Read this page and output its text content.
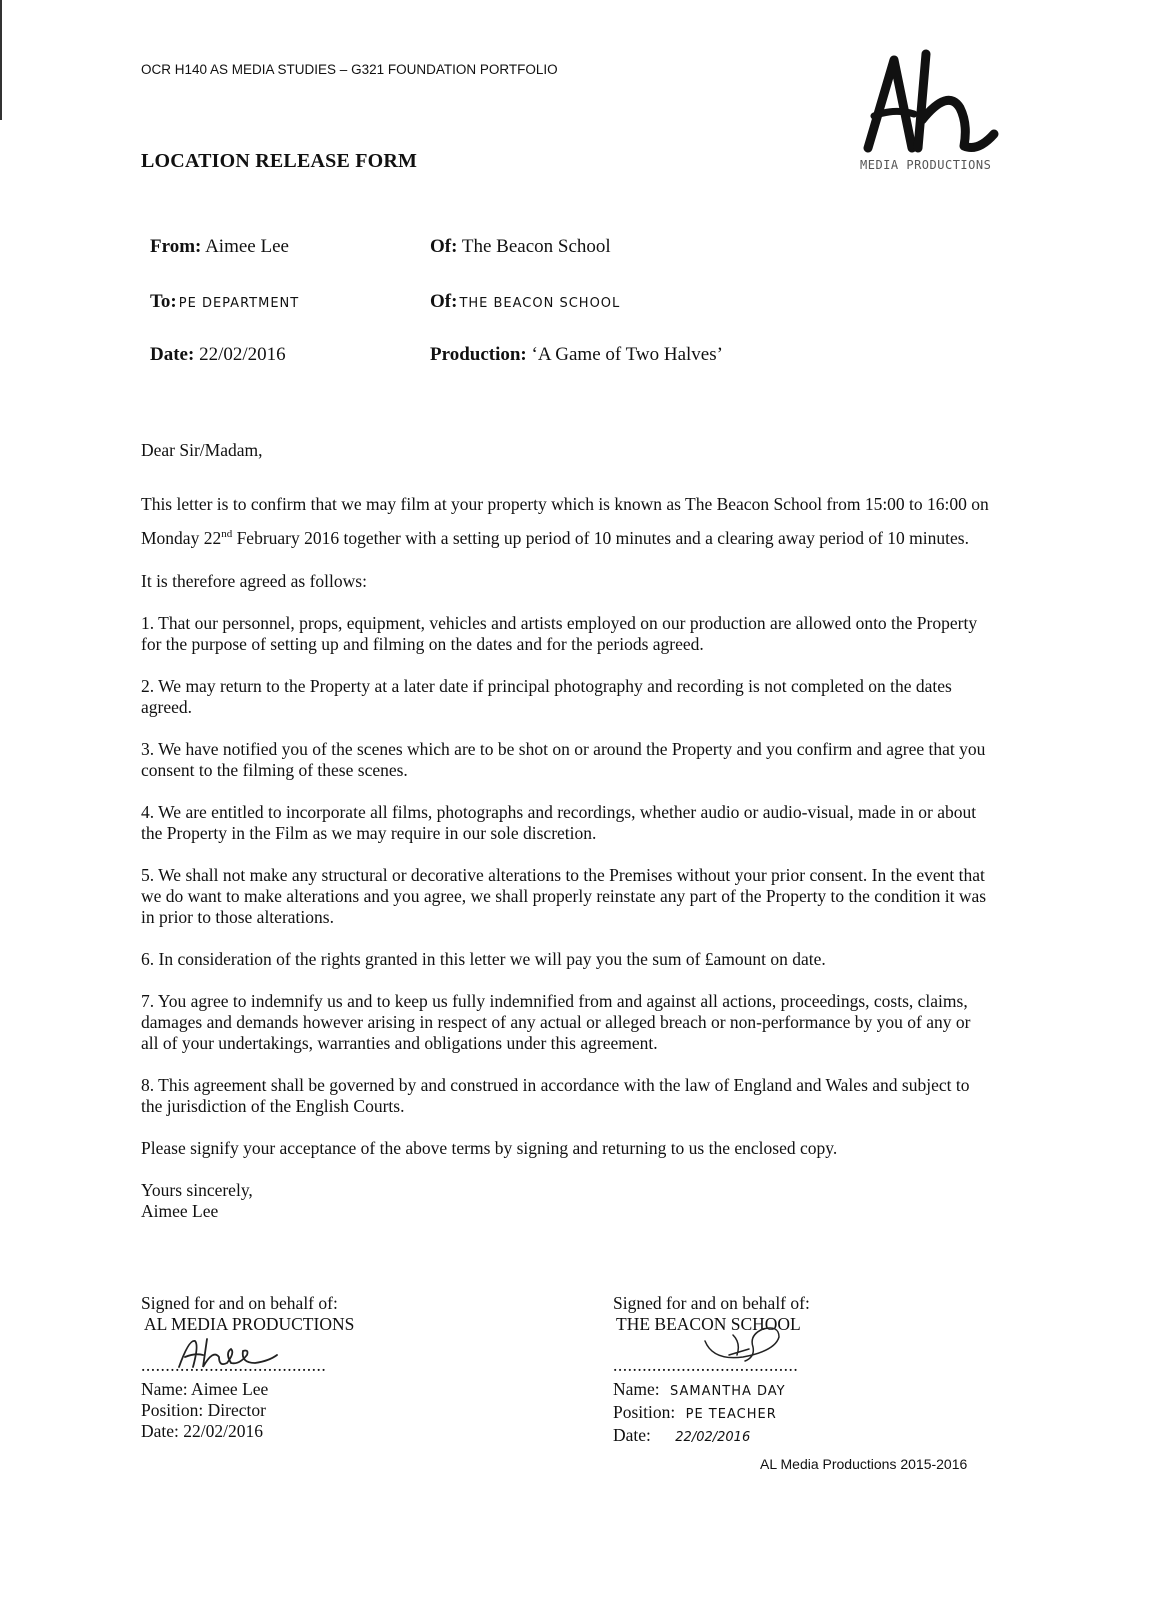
OCR H140 AS MEDIA STUDIES – G321 FOUNDATION PORTFOLIO
LOCATION RELEASE FORM	MEDIA PRODUCTIONS
From: Aimee Lee	Of: The Beacon School
To: PE DEPARTMENT	Of: THE BEACON SCHOOL
Date: 22/02/2016	Production: ‘A Game of Two Halves’

Dear Sir/Madam,

This letter is to confirm that we may film at your property which is known as The Beacon School from 15:00 to 16:00 on Monday 22nd February 2016 together with a setting up period of 10 minutes and a clearing away period of 10 minutes.

It is therefore agreed as follows:

1. That our personnel, props, equipment, vehicles and artists employed on our production are allowed onto the Property for the purpose of setting up and filming on the dates and for the periods agreed.

2. We may return to the Property at a later date if principal photography and recording is not completed on the dates agreed.

3. We have notified you of the scenes which are to be shot on or around the Property and you confirm and agree that you consent to the filming of these scenes.

4. We are entitled to incorporate all films, photographs and recordings, whether audio or audio-visual, made in or about the Property in the Film as we may require in our sole discretion.

5. We shall not make any structural or decorative alterations to the Premises without your prior consent. In the event that we do want to make alterations and you agree, we shall properly reinstate any part of the Property to the condition it was in prior to those alterations.

6. In consideration of the rights granted in this letter we will pay you the sum of £amount on date.

7. You agree to indemnify us and to keep us fully indemnified from and against all actions, proceedings, costs, claims, damages and demands however arising in respect of any actual or alleged breach or non-performance by you of any or all of your undertakings, warranties and obligations under this agreement.

8. This agreement shall be governed by and construed in accordance with the law of England and Wales and subject to the jurisdiction of the English Courts.

Please signify your acceptance of the above terms by signing and returning to us the enclosed copy.

Yours sincerely,

Aimee Lee

Signed for and on behalf of:
AL MEDIA PRODUCTIONS
......................................
Name: Aimee Lee
Position: Director
Date: 22/02/2016
Signed for and on behalf of:
THE BEACON SCHOOL
......................................
Name: SAMANTHA DAY
Position: PE TEACHER
Date: 22/02/2016
AL Media Productions 2015-2016
